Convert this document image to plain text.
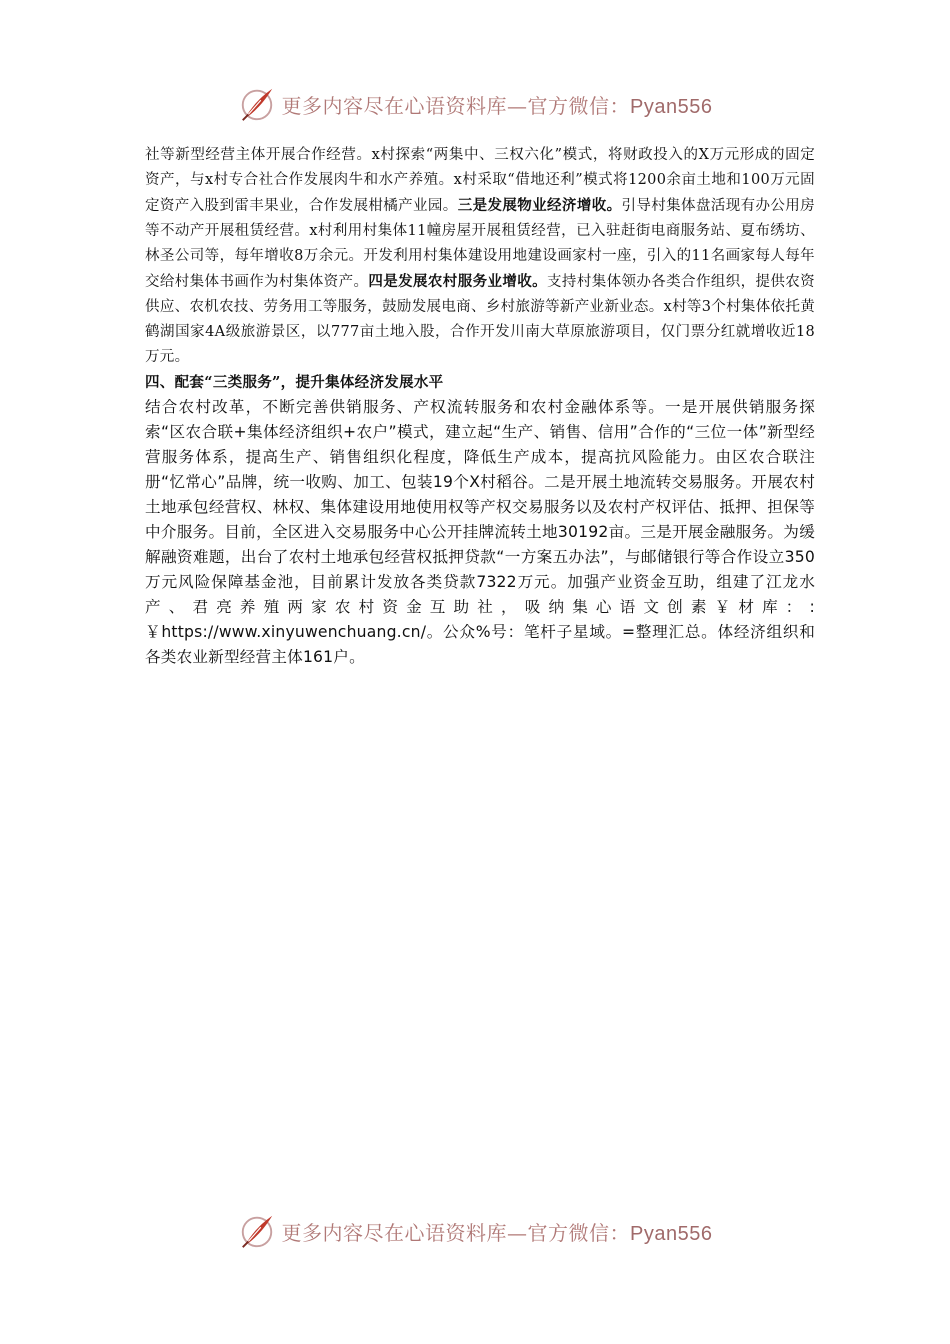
更多内容尽在心语资料库—官方微信：Pyan556

社等新型经营主体开展合作经营。x村探索“两集中、三权六化”模式，将财政投入的X万元形成的固定资产，与x村专合社合作发展肉牛和水产养殖。x村采取“借地还利”模式将1200余亩土地和100万元固定资产入股到雷丰果业，合作发展柑橘产业园。三是发展物业经济增收。引导村集体盘活现有办公用房等不动产开展租赁经营。x村利用村集体11幢房屋开展租赁经营，已入驻赶街电商服务站、夏布绣坊、林圣公司等，每年增收8万余元。开发利用村集体建设用地建设画家村一座，引入的11名画家每人每年交给村集体书画作为村集体资产。四是发展农村服务业增收。支持村集体领办各类合作组织，提供农资供应、农机农技、劳务用工等服务，鼓励发展电商、乡村旅游等新产业新业态。x村等3个村集体依托黄鹤湖国家4A级旅游景区，以777亩土地入股，合作开发川南大草原旅游项目，仅门票分红就增收近18万元。

四、配套“三类服务”，提升集体经济发展水平

结合农村改革，不断完善供销服务、产权流转服务和农村金融体系等。一是开展供销服务探索“区农合联+集体经济组织+农户”模式，建立起“生产、销售、信用”合作的“三位一体”新型经营服务体系，提高生产、销售组织化程度，降低生产成本，提高抗风险能力。由区农合联注册“忆常心”品牌，统一收购、加工、包装19个X村稻谷。二是开展土地流转交易服务。开展农村土地承包经营权、林权、集体建设用地使用权等产权交易服务以及农村产权评估、抵押、担保等中介服务。目前，全区进入交易服务中心公开挂牌流转土地30192亩。三是开展金融服务。为缓解融资难题，出台了农村土地承包经营权抵押贷款“一方案五办法”，与邮储银行等合作设立350万元风险保障基金池，目前累计发放各类贷款7322万元。加强产业资金互助，组建了江龙水产、君亮养殖两家农村资金互助社，吸纳集心语文创素￥材库：:￥https://www.xinyuwenchuang.cn/。公众%号：笔杆子星域。=整理汇总。体经济组织和各类农业新型经营主体161户。

更多内容尽在心语资料库—官方微信：Pyan556
